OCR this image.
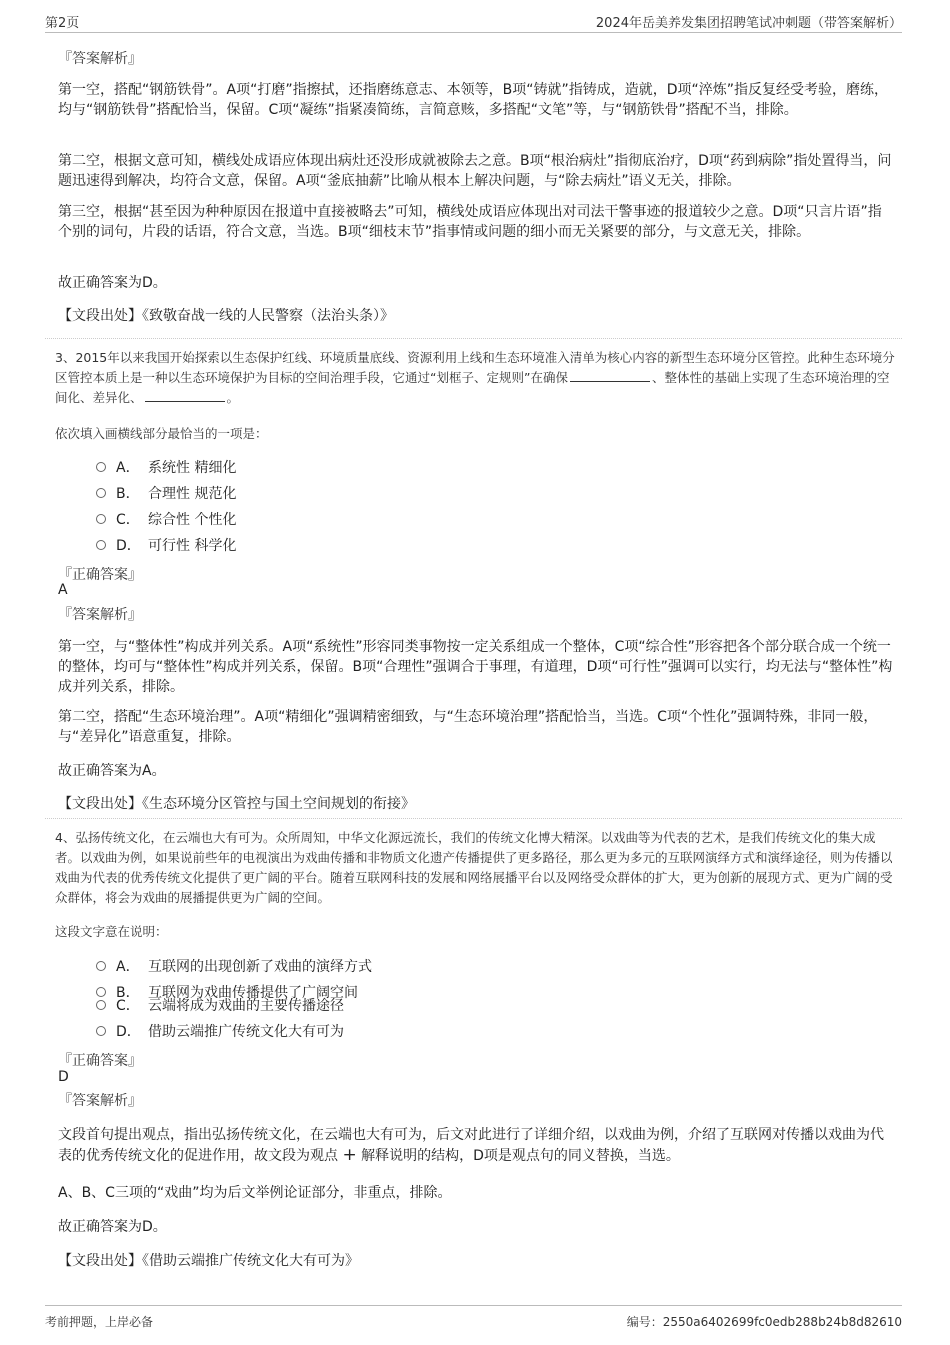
第2页	2024年岳美养发集团招聘笔试冲刺题（带答案解析）
『答案解析』
第一空，搭配“钢筋铁骨”。A项“打磨”指擦拭，还指磨练意志、本领等，B项“铸就”指铸成，造就，D项“淬炼”指反复经受考验，磨练，均与“钢筋铁骨”搭配恰当，保留。C项“凝练”指紧凑简练，言简意赅，多搭配“文笔”等，与“钢筋铁骨”搭配不当，排除。
第二空，根据文意可知，横线处成语应体现出病灶还没形成就被除去之意。B项“根治病灶”指彻底治疗，D项“药到病除”指处置得当，问题迅速得到解决，均符合文意，保留。A项“釜底抽薪”比喻从根本上解决问题，与“除去病灶”语义无关，排除。
第三空，根据“甚至因为种种原因在报道中直接被略去”可知，横线处成语应体现出对司法干警事迹的报道较少之意。D项“只言片语”指个别的词句，片段的话语，符合文意，当选。B项“细枝末节”指事情或问题的细小而无关紧要的部分，与文意无关，排除。
故正确答案为D。
【文段出处】《致敬奋战一线的人民警察（法治头条）》
3、2015年以来我国开始探索以生态保护红线、环境质量底线、资源利用上线和生态环境准入清单为核心内容的新型生态环境分区管控。此种生态环境分区管控本质上是一种以生态环境保护为目标的空间治理手段，它通过“划框子、定规则”在确保	、整体性的基础上实现了生态环境治理的空间化、差异化、	。
依次填入画横线部分最恰当的一项是：
A． 系统性 精细化
B． 合理性 规范化
C． 综合性 个性化
D． 可行性 科学化
『正确答案』
A
『答案解析』
第一空，与“整体性”构成并列关系。A项“系统性”形容同类事物按一定关系组成一个整体，C项“综合性”形容把各个部分联合成一个统一的整体，均可与“整体性”构成并列关系，保留。B项“合理性”强调合于事理，有道理，D项“可行性”强调可以实行，均无法与“整体性”构成并列关系，排除。
第二空，搭配“生态环境治理”。A项“精细化”强调精密细致，与“生态环境治理”搭配恰当，当选。C项“个性化”强调特殊，非同一般，与“差异化”语意重复，排除。
故正确答案为A。
【文段出处】《生态环境分区管控与国土空间规划的衔接》
4、弘扬传统文化，在云端也大有可为。众所周知，中华文化源远流长，我们的传统文化博大精深。以戏曲等为代表的艺术，是我们传统文化的集大成者。以戏曲为例，如果说前些年的电视演出为戏曲传播和非物质文化遗产传播提供了更多路径，那么更为多元的互联网演绎方式和演绎途径，则为传播以戏曲为代表的优秀传统文化提供了更广阔的平台。随着互联网科技的发展和网络展播平台以及网络受众群体的扩大，更为创新的展现方式、更为广阔的受众群体，将会为戏曲的展播提供更为广阔的空间。
这段文字意在说明：
A． 互联网的出现创新了戏曲的演绎方式
B． 互联网为戏曲传播提供了广阔空间
C． 云端将成为戏曲的主要传播途径
D． 借助云端推广传统文化大有可为
『正确答案』
D
『答案解析』
文段首句提出观点，指出弘扬传统文化，在云端也大有可为，后文对此进行了详细介绍，以戏曲为例，介绍了互联网对传播以戏曲为代表的优秀传统文化的促进作用，故文段为观点 + 解释说明的结构，D项是观点句的同义替换，当选。
A、B、C三项的“戏曲”均为后文举例论证部分，非重点，排除。
故正确答案为D。
【文段出处】《借助云端推广传统文化大有可为》
考前押题，上岸必备	编号：2550a6402699fc0edb288b24b8d82610
